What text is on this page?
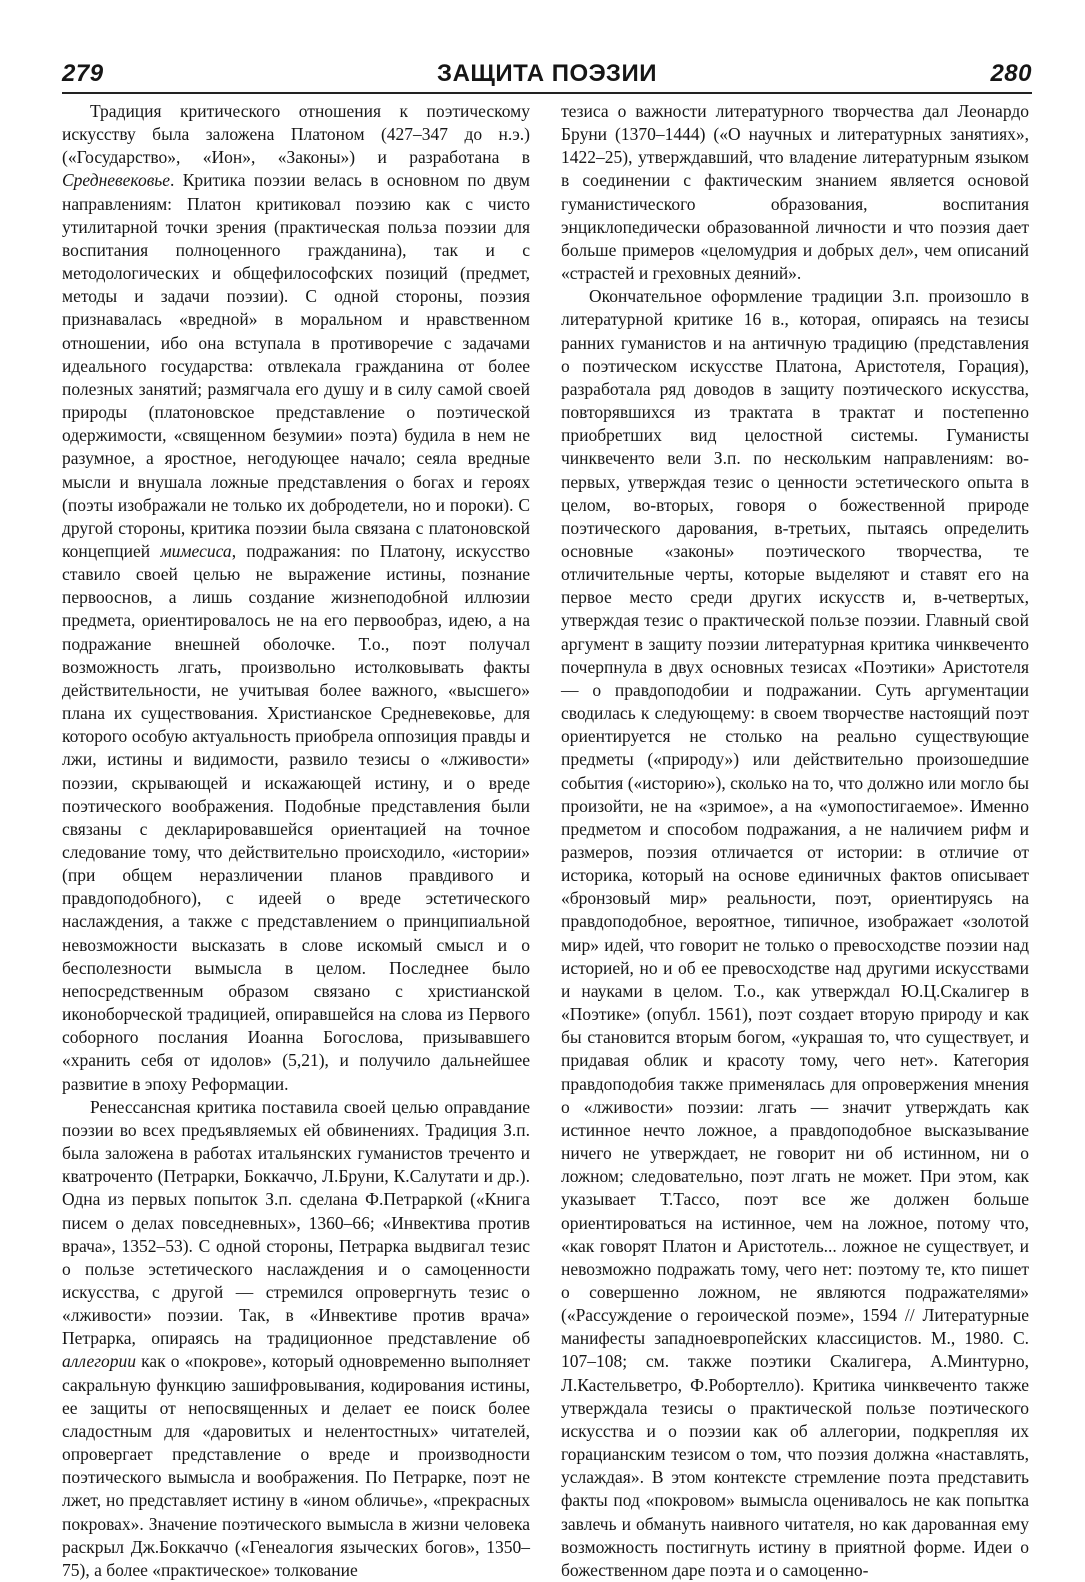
279	ЗАЩИТА ПОЭЗИИ	280

Традиция критического отношения к поэтическому искусству была заложена Платоном (427–347 до н.э.) («Государство», «Ион», «Законы») и разработана в Средневековье. Критика поэзии велась в основном по двум направлениям: Платон критиковал поэзию как с чисто утилитарной точки зрения (практическая польза поэзии для воспитания полноценного гражданина), так и с методологических и общефилософских позиций (предмет, методы и задачи поэзии). С одной стороны, поэзия признавалась «вредной» в моральном и нравственном отношении, ибо она вступала в противоречие с задачами идеального государства: отвлекала гражданина от более полезных занятий; размягчала его душу и в силу самой своей природы (платоновское представление о поэтической одержимости, «священном безумии» поэта) будила в нем не разумное, а яростное, негодующее начало; сеяла вредные мысли и внушала ложные представления о богах и героях (поэты изображали не только их добродетели, но и пороки). С другой стороны, критика поэзии была связана с платоновской концепцией мимесиса, подражания: по Платону, искусство ставило своей целью не выражение истины, познание первооснов, а лишь создание жизнеподобной иллюзии предмета, ориентировалось не на его первообраз, идею, а на подражание внешней оболочке. Т.о., поэт получал возможность лгать, произвольно истолковывать факты действительности, не учитывая более важного, «высшего» плана их существования. Христианское Средневековье, для которого особую актуальность приобрела оппозиция правды и лжи, истины и видимости, развило тезисы о «лживости» поэзии, скрывающей и искажающей истину, и о вреде поэтического воображения. Подобные представления были связаны с декларировавшейся ориентацией на точное следование тому, что действительно происходило, «истории» (при общем неразличении планов правдивого и правдоподобного), с идеей о вреде эстетического наслаждения, а также с представлением о принципиальной невозможности высказать в слове искомый смысл и о бесполезности вымысла в целом. Последнее было непосредственным образом связано с христианской иконоборческой традицией, опиравшейся на слова из Первого соборного послания Иоанна Богослова, призывавшего «хранить себя от идолов» (5,21), и получило дальнейшее развитие в эпоху Реформации.

Ренессансная критика поставила своей целью оправдание поэзии во всех предъявляемых ей обвинениях. Традиция З.п. была заложена в работах итальянских гуманистов треченто и кватроченто (Петрарки, Боккаччо, Л.Бруни, К.Салутати и др.). Одна из первых попыток З.п. сделана Ф.Петраркой («Книга писем о делах повседневных», 1360–66; «Инвектива против врача», 1352–53). С одной стороны, Петрарка выдвигал тезис о пользе эстетического наслаждения и о самоценности искусства, с другой — стремился опровергнуть тезис о «лживости» поэзии. Так, в «Инвективе против врача» Петрарка, опираясь на традиционное представление об аллегории как о «покрове», который одновременно выполняет сакральную функцию зашифровывания, кодирования истины, ее защиты от непосвященных и делает ее поиск более сладостным для «даровитых и нелентостных» читателей, опровергает представление о вреде и производности поэтического вымысла и воображения. По Петрарке, поэт не лжет, но представляет истину в «ином обличье», «прекрасных покровах». Значение поэтического вымысла в жизни человека раскрыл Дж.Боккаччо («Генеалогия языческих богов», 1350–75), а более «практическое» толкование

тезиса о важности литературного творчества дал Леонардо Бруни (1370–1444) («О научных и литературных занятиях», 1422–25), утверждавший, что владение литературным языком в соединении с фактическим знанием является основой гуманистического образования, воспитания энциклопедически образованной личности и что поэзия дает больше примеров «целомудрия и добрых дел», чем описаний «страстей и греховных деяний».

Окончательное оформление традиции З.п. произошло в литературной критике 16 в., которая, опираясь на тезисы ранних гуманистов и на античную традицию (представления о поэтическом искусстве Платона, Аристотеля, Горация), разработала ряд доводов в защиту поэтического искусства, повторявшихся из трактата в трактат и постепенно приобретших вид целостной системы. Гуманисты чинквеченто вели З.п. по нескольким направлениям: во-первых, утверждая тезис о ценности эстетического опыта в целом, во-вторых, говоря о божественной природе поэтического дарования, в-третьих, пытаясь определить основные «законы» поэтического творчества, те отличительные черты, которые выделяют и ставят его на первое место среди других искусств и, в-четвертых, утверждая тезис о практической пользе поэзии. Главный свой аргумент в защиту поэзии литературная критика чинквеченто почерпнула в двух основных тезисах «Поэтики» Аристотеля — о правдоподобии и подражании. Суть аргументации сводилась к следующему: в своем творчестве настоящий поэт ориентируется не столько на реально существующие предметы («природу») или действительно произошедшие события («историю»), сколько на то, что должно или могло бы произойти, не на «зримое», а на «умопостигаемое». Именно предметом и способом подражания, а не наличием рифм и размеров, поэзия отличается от истории: в отличие от историка, который на основе единичных фактов описывает «бронзовый мир» реальности, поэт, ориентируясь на правдоподобное, вероятное, типичное, изображает «золотой мир» идей, что говорит не только о превосходстве поэзии над историей, но и об ее превосходстве над другими искусствами и науками в целом. Т.о., как утверждал Ю.Ц.Скалигер в «Поэтике» (опубл. 1561), поэт создает вторую природу и как бы становится вторым богом, «украшая то, что существует, и придавая облик и красоту тому, чего нет». Категория правдоподобия также применялась для опровержения мнения о «лживости» поэзии: лгать — значит утверждать как истинное нечто ложное, а правдоподобное высказывание ничего не утверждает, не говорит ни об истинном, ни о ложном; следовательно, поэт лгать не может. При этом, как указывает Т.Тассо, поэт все же должен больше ориентироваться на истинное, чем на ложное, потому что, «как говорят Платон и Аристотель... ложное не существует, и невозможно подражать тому, чего нет: поэтому те, кто пишет о совершенно ложном, не являются подражателями» («Рассуждение о героической поэме», 1594 // Литературные манифесты западноевропейских классицистов. М., 1980. С. 107–108; см. также поэтики Скалигера, А.Минтурно, Л.Кастельветро, Ф.Робортелло). Критика чинквеченто также утверждала тезисы о практической пользе поэтического искусства и о поэзии как об аллегории, подкрепляя их горацианским тезисом о том, что поэзия должна «наставлять, услаждая». В этом контексте стремление поэта представить факты под «покровом» вымысла оценивалось не как попытка завлечь и обмануть наивного читателя, но как дарованная ему возможность постигнуть истину в приятной форме. Идеи о божественном даре поэта и о самоценно-
